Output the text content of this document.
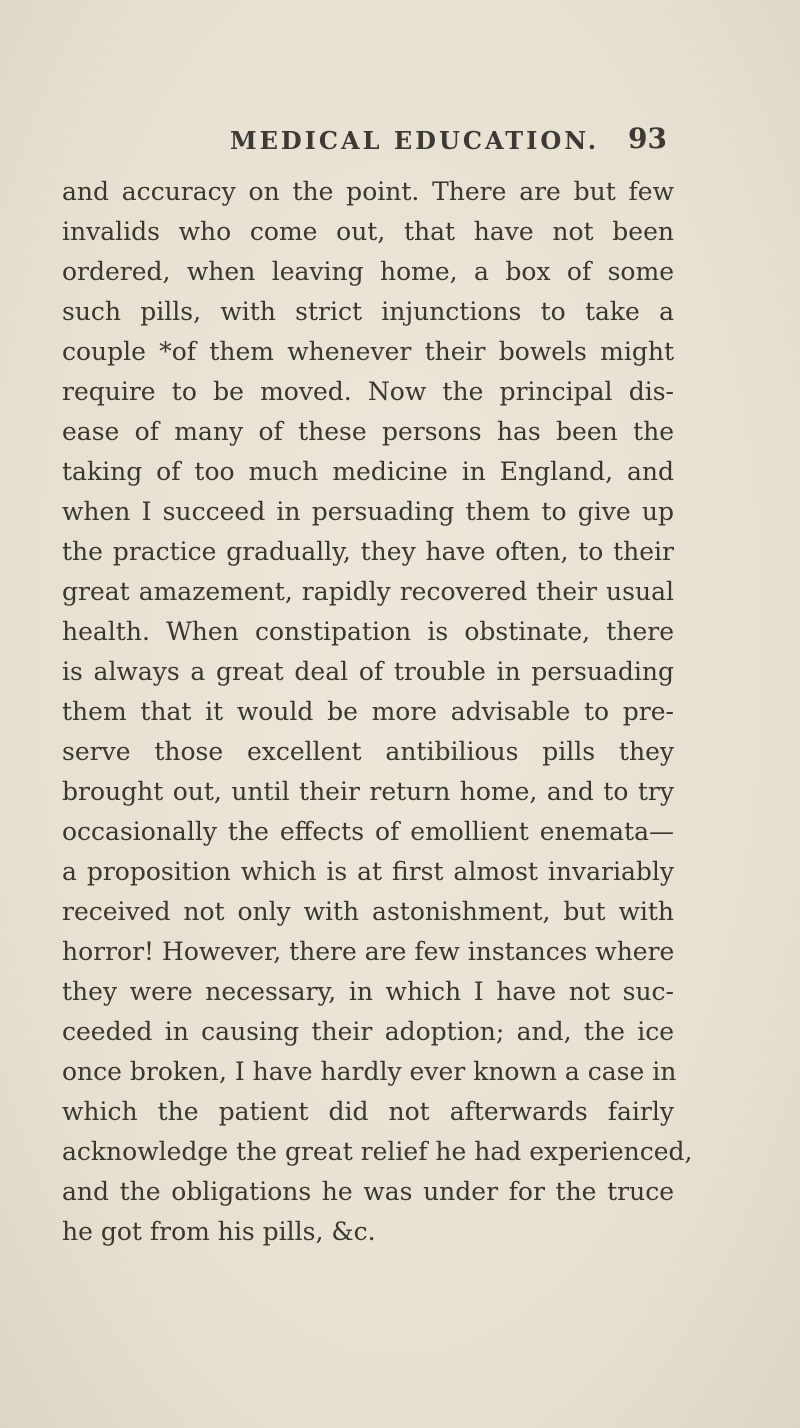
MEDICAL EDUCATION. 93
and accuracy on the point. There are but few
invalids who come out, that have not been
ordered, when leaving home, a box of some
such pills, with strict injunctions to take a
couple *of them whenever their bowels might
require to be moved. Now the principal dis-
ease of many of these persons has been the
taking of too much medicine in England, and
when I succeed in persuading them to give up
the practice gradually, they have often, to their
great amazement, rapidly recovered their usual
health. When constipation is obstinate, there
is always a great deal of trouble in persuading
them that it would be more advisable to pre-
serve those excellent antibilious pills they
brought out, until their return home, and to try
occasionally the effects of emollient enemata—
a proposition which is at first almost invariably
received not only with astonishment, but with
horror! However, there are few instances where
they were necessary, in which I have not suc-
ceeded in causing their adoption; and, the ice
once broken, I have hardly ever known a case in
which the patient did not afterwards fairly
acknowledge the great relief he had experienced,
and the obligations he was under for the truce
he got from his pills, &c.
